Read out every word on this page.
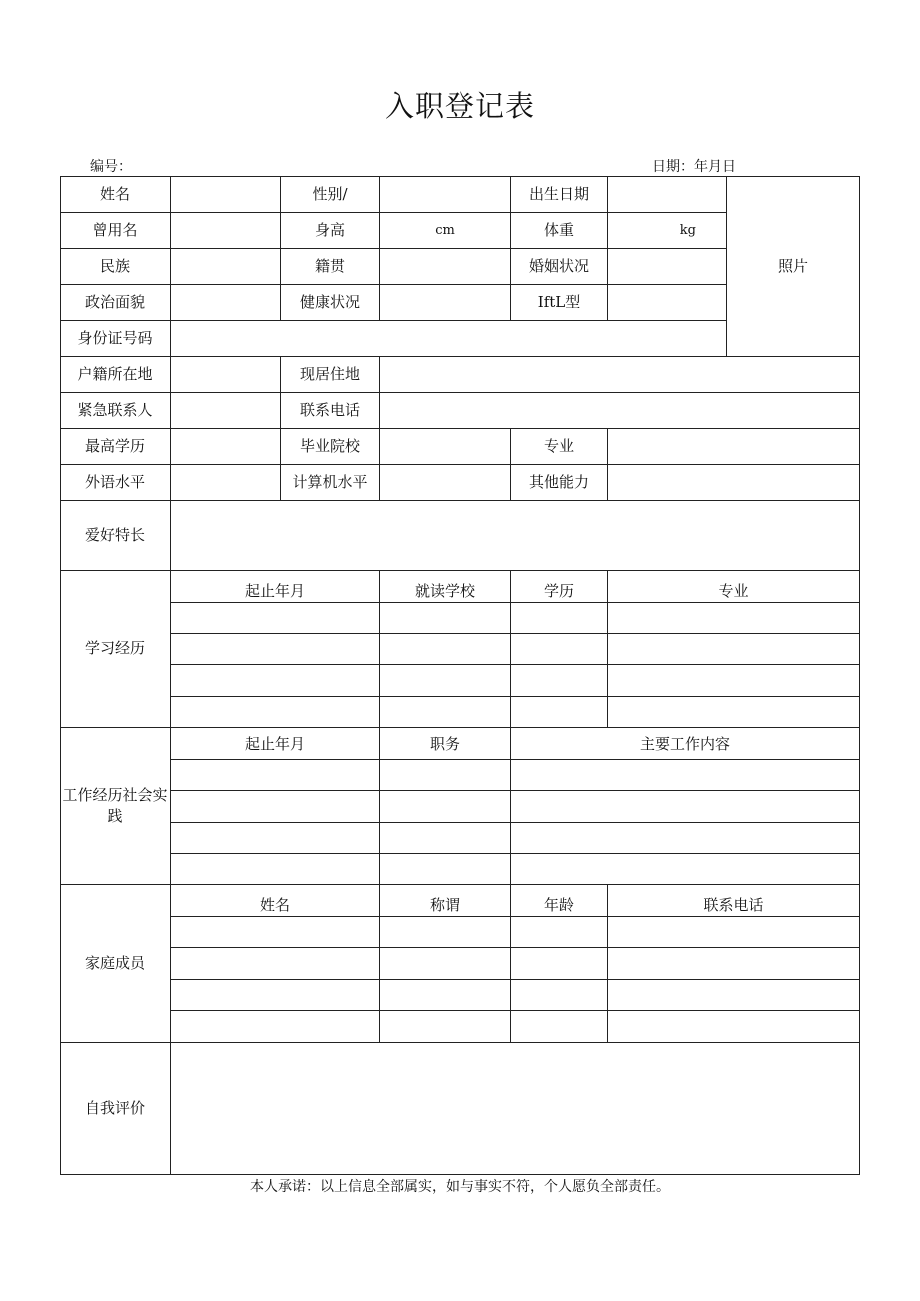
入职登记表
编号：	日期：年月日
姓名	性别/	出生日期
照片
曾用名	身高	cm	体重	kg
民族	籍贯	婚姻状况
政治面貌	健康状况	IftL型
身份证号码
户籍所在地	现居住地
紧急联系人	联系电话
最高学历	毕业院校	专业
外语水平	计算机水平	其他能力
爱好特长
学习经历
起止年月	就读学校	学历	专业
工作经历社会实践
起止年月	职务	主要工作内容
家庭成员
姓名	称谓	年龄	联系电话
自我评价
本人承诺：以上信息全部属实，如与事实不符，个人愿负全部责任。
